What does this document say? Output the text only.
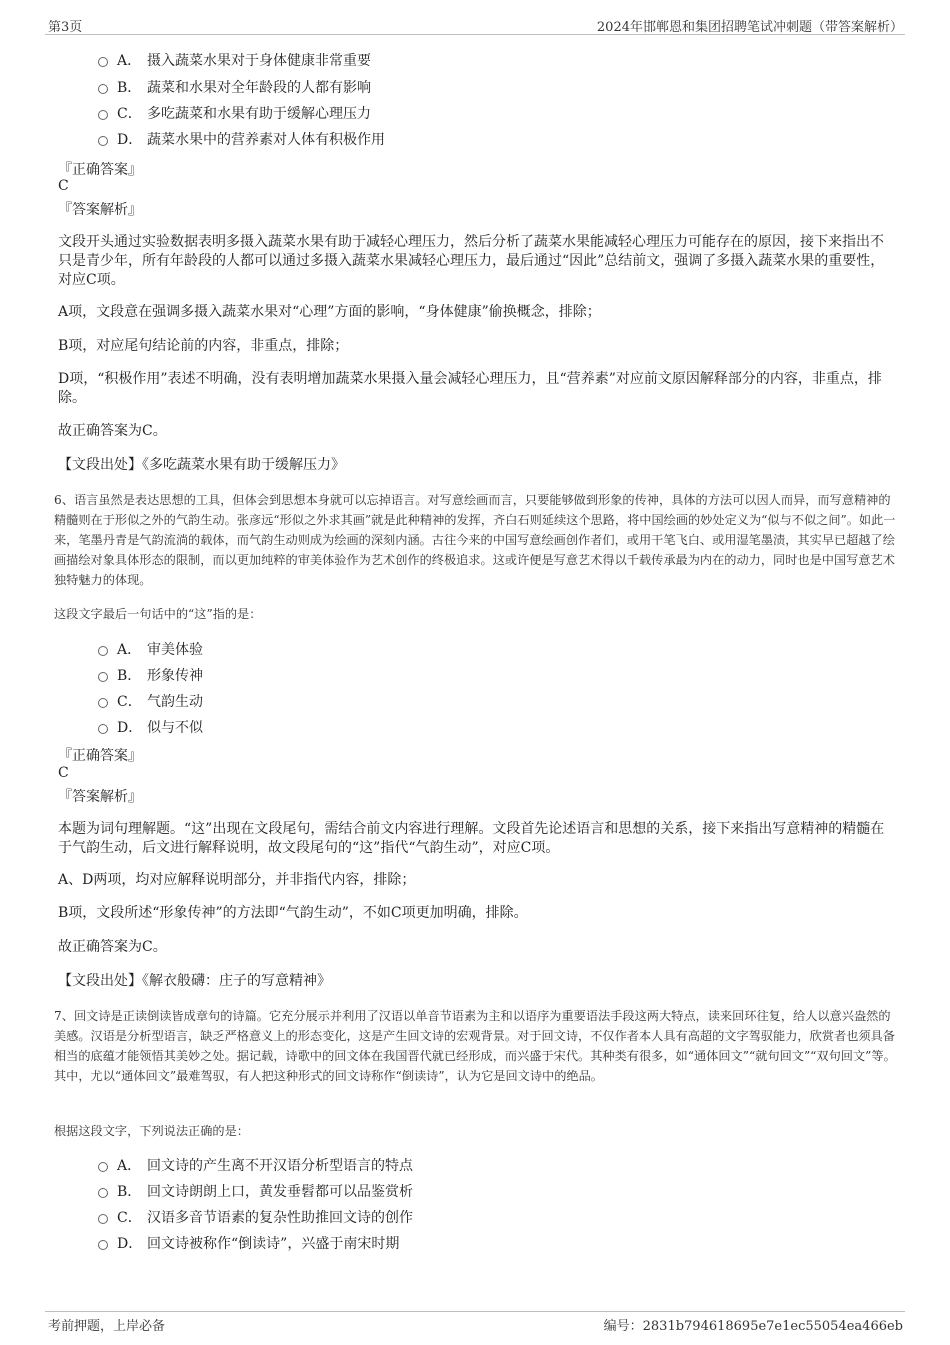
第3页	2024年邯郸恩和集团招聘笔试冲刺题（带答案解析）
A． 摄入蔬菜水果对于身体健康非常重要
B． 蔬菜和水果对全年龄段的人都有影响
C． 多吃蔬菜和水果有助于缓解心理压力
D． 蔬菜水果中的营养素对人体有积极作用
『正确答案』
C
『答案解析』
文段开头通过实验数据表明多摄入蔬菜水果有助于减轻心理压力，然后分析了蔬菜水果能减轻心理压力可能存在的原因，接下来指出不只是青少年，所有年龄段的人都可以通过多摄入蔬菜水果减轻心理压力，最后通过“因此”总结前文，强调了多摄入蔬菜水果的重要性，对应C项。
A项，文段意在强调多摄入蔬菜水果对“心理”方面的影响，“身体健康”偷换概念，排除；
B项，对应尾句结论前的内容，非重点，排除；
D项，“积极作用”表述不明确，没有表明增加蔬菜水果摄入量会减轻心理压力，且“营养素”对应前文原因解释部分的内容，非重点，排除。
故正确答案为C。
【文段出处】《多吃蔬菜水果有助于缓解压力》
6、语言虽然是表达思想的工具，但体会到思想本身就可以忘掉语言。对写意绘画而言，只要能够做到形象的传神，具体的方法可以因人而异，而写意精神的精髓则在于形似之外的气韵生动。张彦远“形似之外求其画”就是此种精神的发挥，齐白石则延续这个思路，将中国绘画的妙处定义为“似与不似之间”。如此一来，笔墨丹青是气韵流淌的载体，而气韵生动则成为绘画的深刻内涵。古往今来的中国写意绘画创作者们，或用干笔飞白、或用湿笔墨渍，其实早已超越了绘画描绘对象具体形态的限制，而以更加纯粹的审美体验作为艺术创作的终极追求。这或许便是写意艺术得以千载传承最为内在的动力，同时也是中国写意艺术独特魅力的体现。
这段文字最后一句话中的“这”指的是：
A． 审美体验
B． 形象传神
C． 气韵生动
D． 似与不似
『正确答案』
C
『答案解析』
本题为词句理解题。“这”出现在文段尾句，需结合前文内容进行理解。文段首先论述语言和思想的关系，接下来指出写意精神的精髓在于气韵生动，后文进行解释说明，故文段尾句的“这”指代“气韵生动”，对应C项。
A、D两项，均对应解释说明部分，并非指代内容，排除；
B项，文段所述“形象传神”的方法即“气韵生动”，不如C项更加明确，排除。
故正确答案为C。
【文段出处】《解衣般礴：庄子的写意精神》
7、回文诗是正读倒读皆成章句的诗篇。它充分展示并利用了汉语以单音节语素为主和以语序为重要语法手段这两大特点，读来回环往复，给人以意兴盎然的美感。汉语是分析型语言，缺乏严格意义上的形态变化，这是产生回文诗的宏观背景。对于回文诗，不仅作者本人具有高超的文字驾驭能力，欣赏者也须具备相当的底蕴才能领悟其美妙之处。据记载，诗歌中的回文体在我国晋代就已经形成，而兴盛于宋代。其种类有很多，如“通体回文”“就句回文”“双句回文”等。其中，尤以“通体回文”最难驾驭，有人把这种形式的回文诗称作“倒读诗”，认为它是回文诗中的绝品。
根据这段文字，下列说法正确的是：
A． 回文诗的产生离不开汉语分析型语言的特点
B． 回文诗朗朗上口，黄发垂髫都可以品鉴赏析
C． 汉语多音节语素的复杂性助推回文诗的创作
D． 回文诗被称作“倒读诗”，兴盛于南宋时期
考前押题，上岸必备	编号：2831b794618695e7e1ec55054ea466eb
